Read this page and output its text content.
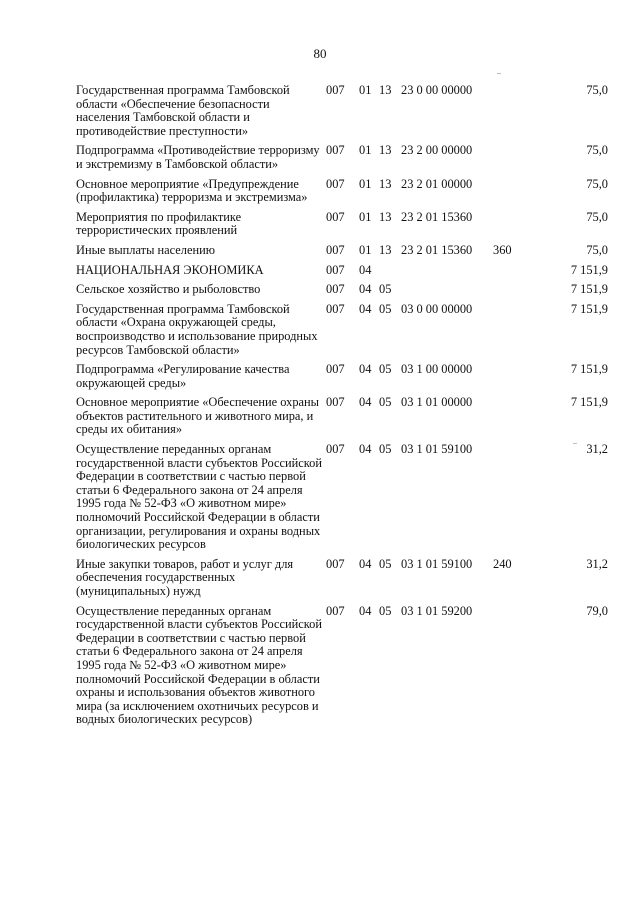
80
Государственная программа Тамбовской области «Обеспечение безопасности населения Тамбовской области и противодействие преступности»	007	01	13	23 0 00 00000		75,0
Подпрограмма «Противодействие терроризму и экстремизму в Тамбовской области»	007	01	13	23 2 00 00000		75,0
Основное мероприятие «Предупреждение (профилактика) терроризма и экстремизма»	007	01	13	23 2 01 00000		75,0
Мероприятия по профилактике террористических проявлений	007	01	13	23 2 01 15360		75,0
Иные выплаты населению	007	01	13	23 2 01 15360	360	75,0
НАЦИОНАЛЬНАЯ ЭКОНОМИКА	007	04				7 151,9
Сельское хозяйство и рыболовство	007	04	05			7 151,9
Государственная программа Тамбовской области «Охрана окружающей среды, воспроизводство и использование природных ресурсов Тамбовской области»	007	04	05	03 0 00 00000		7 151,9
Подпрограмма «Регулирование качества окружающей среды»	007	04	05	03 1 00 00000		7 151,9
Основное мероприятие «Обеспечение охраны объектов растительного и животного мира, и среды их обитания»	007	04	05	03 1 01 00000		7 151,9
Осуществление переданных органам государственной власти субъектов Российской Федерации в соответствии с частью первой статьи 6 Федерального закона от 24 апреля 1995 года № 52-ФЗ «О животном мире» полномочий Российской Федерации в области организации, регулирования и охраны водных биологических ресурсов	007	04	05	03 1 01 59100		31,2
Иные закупки товаров, работ и услуг для обеспечения государственных (муниципальных) нужд	007	04	05	03 1 01 59100	240	31,2
Осуществление переданных органам государственной власти субъектов Российской Федерации в соответствии с частью первой статьи 6 Федерального закона от 24 апреля 1995 года № 52-ФЗ «О животном мире» полномочий Российской Федерации в области охраны и использования объектов животного мира (за исключением охотничьих ресурсов и водных биологических ресурсов)	007	04	05	03 1 01 59200		79,0
